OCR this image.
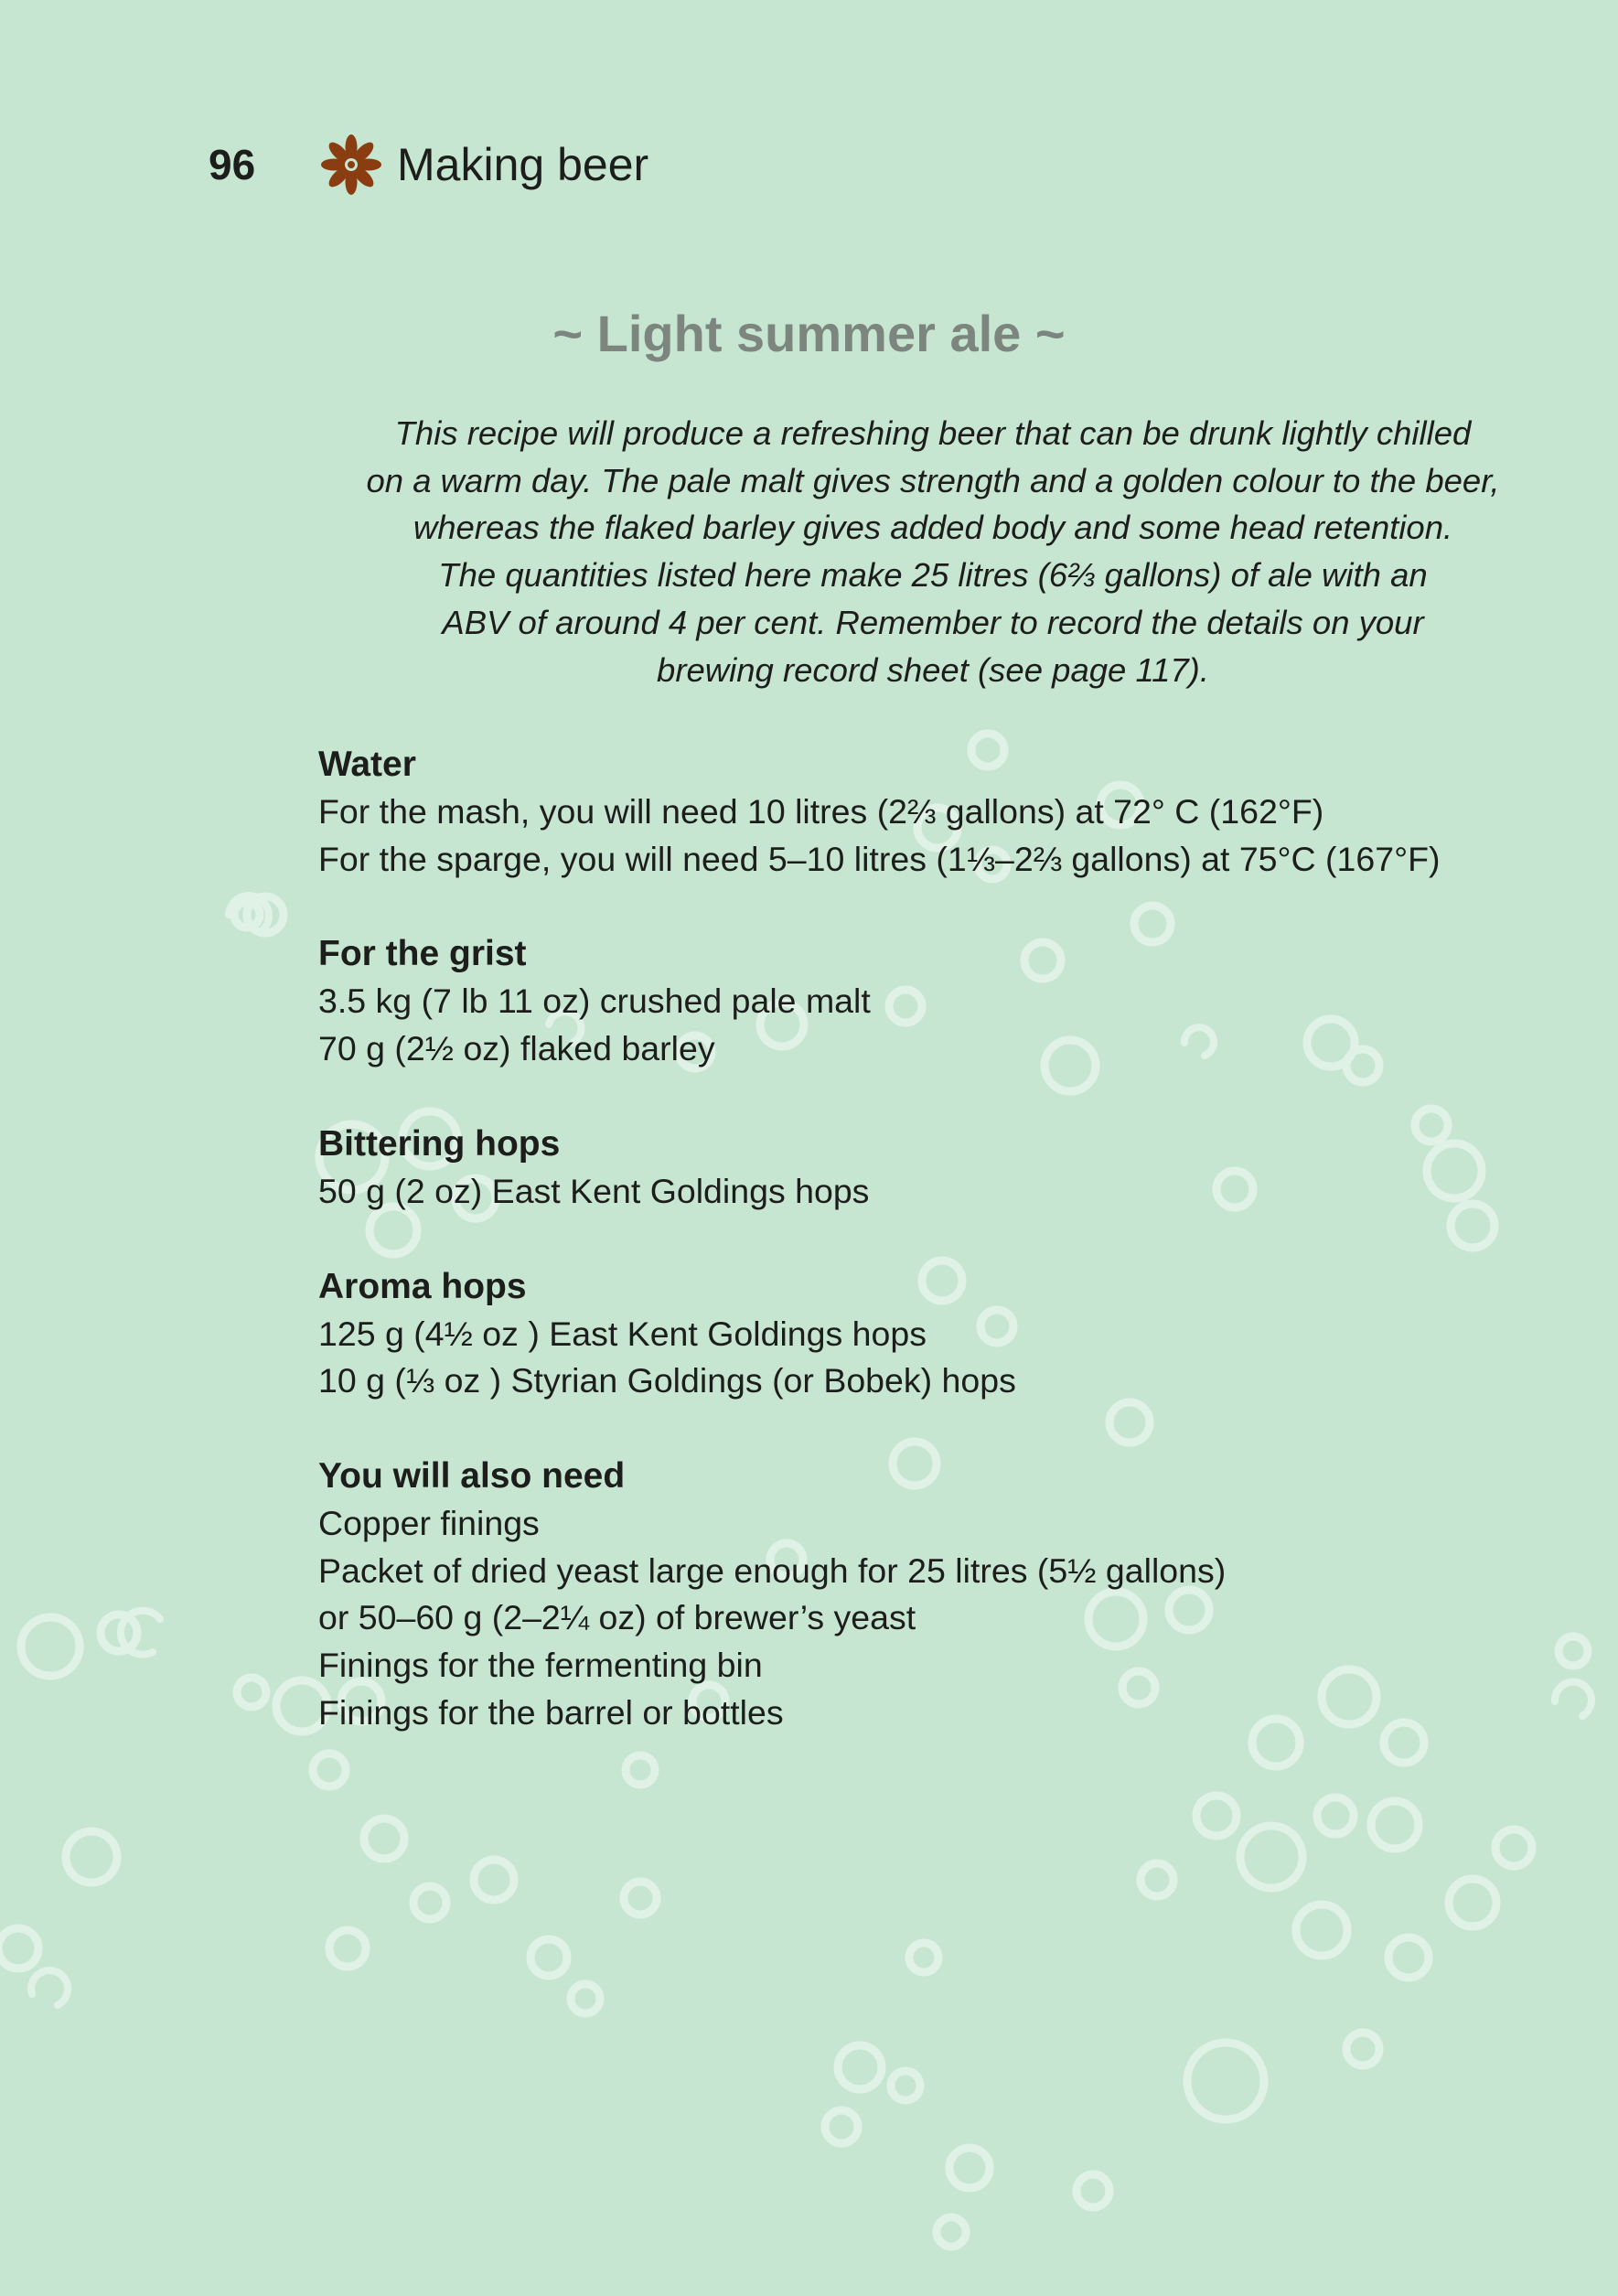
96	Making beer
~ Light summer ale ~
This recipe will produce a refreshing beer that can be drunk lightly chilled
on a warm day. The pale malt gives strength and a golden colour to the beer,
whereas the flaked barley gives added body and some head retention.
The quantities listed here make 25 litres (6⅔ gallons) of ale with an
ABV of around 4 per cent. Remember to record the details on your
brewing record sheet (see page 117).
Water
For the mash, you will need 10 litres (2⅔ gallons) at 72° C (162°F)
For the sparge, you will need 5–10 litres (1⅓–2⅔ gallons) at 75°C (167°F)
For the grist
3.5 kg (7 lb 11 oz) crushed pale malt
70 g (2½ oz) flaked barley
Bittering hops
50 g (2 oz) East Kent Goldings hops
Aroma hops
125 g (4½ oz ) East Kent Goldings hops
10 g (⅓ oz ) Styrian Goldings (or Bobek) hops
You will also need
Copper finings
Packet of dried yeast large enough for 25 litres (5½ gallons)
or 50–60 g (2–2¼ oz) of brewer’s yeast
Finings for the fermenting bin
Finings for the barrel or bottles
